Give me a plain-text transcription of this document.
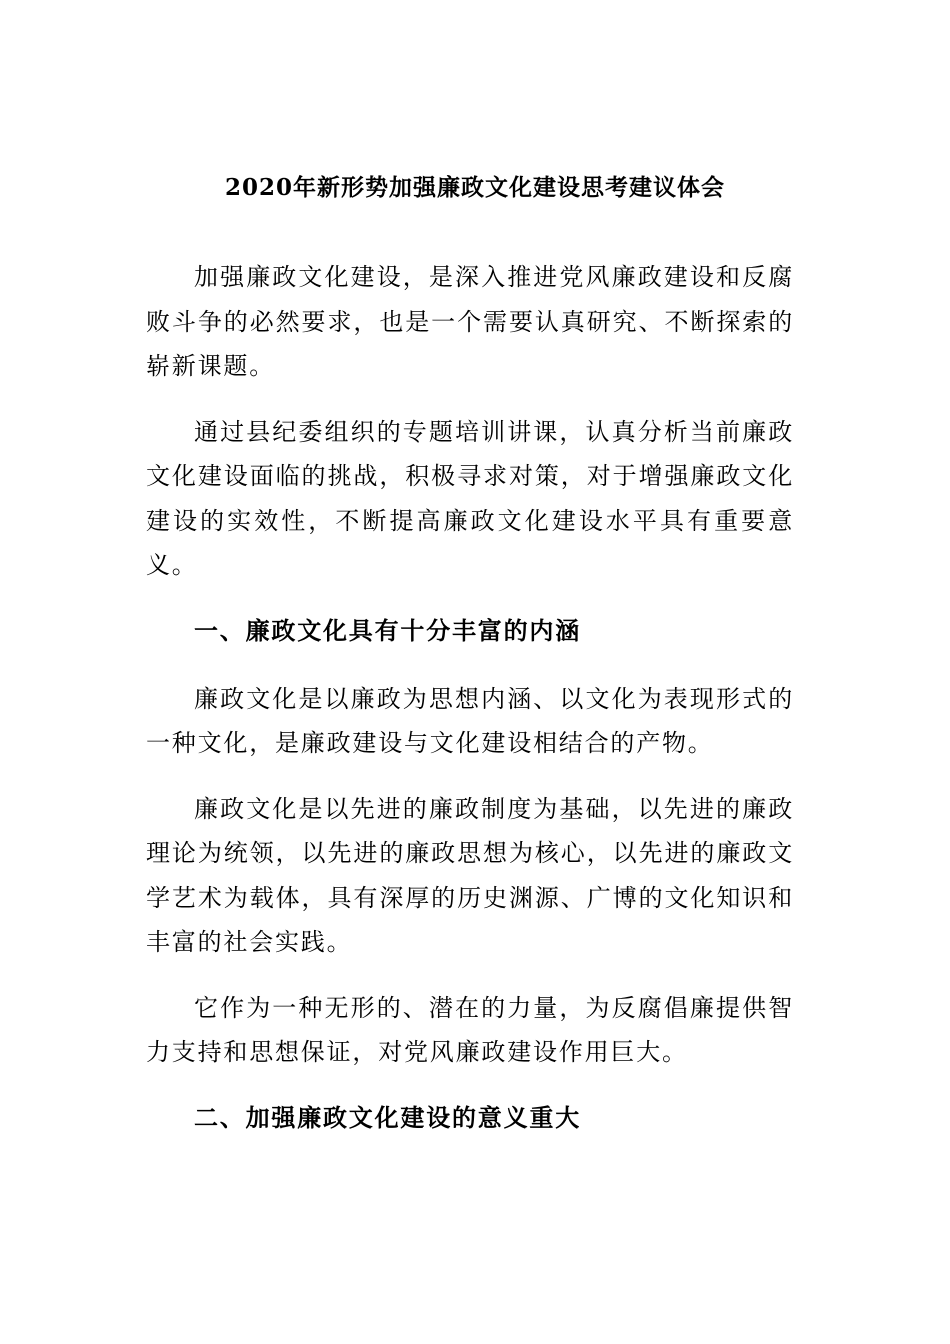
2020年新形势加强廉政文化建设思考建议体会

加强廉政文化建设，是深入推进党风廉政建设和反腐败斗争的必然要求，也是一个需要认真研究、不断探索的崭新课题。

通过县纪委组织的专题培训讲课，认真分析当前廉政文化建设面临的挑战，积极寻求对策，对于增强廉政文化建设的实效性，不断提高廉政文化建设水平具有重要意义。

一、廉政文化具有十分丰富的内涵

廉政文化是以廉政为思想内涵、以文化为表现形式的一种文化，是廉政建设与文化建设相结合的产物。

廉政文化是以先进的廉政制度为基础，以先进的廉政理论为统领，以先进的廉政思想为核心，以先进的廉政文学艺术为载体，具有深厚的历史渊源、广博的文化知识和丰富的社会实践。

它作为一种无形的、潜在的力量，为反腐倡廉提供智力支持和思想保证，对党风廉政建设作用巨大。

二、加强廉政文化建设的意义重大
